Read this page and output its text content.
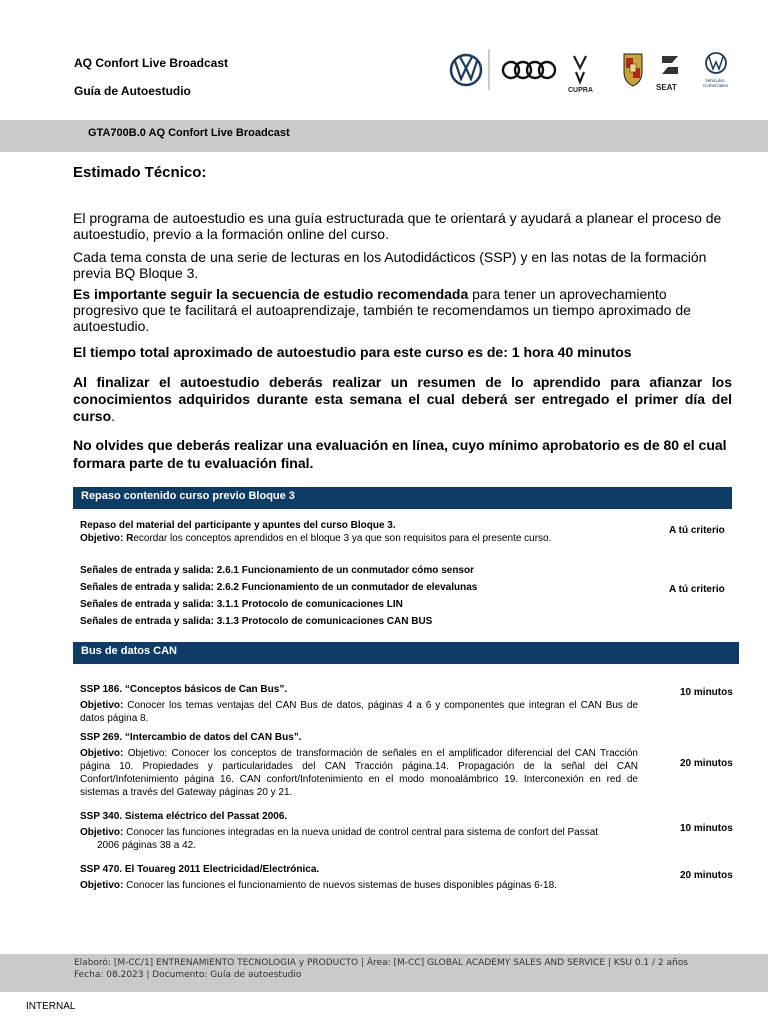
AQ Confort Live Broadcast
Guía de Autoestudio	CUPRA	SEAT
Vehículos
Comerciales
GTA700B.0 AQ Confort Live Broadcast
Estimado Técnico:
El programa de autoestudio es una guía estructurada que te orientará y ayudará a planear el proceso de autoestudio, previo a la formación online del curso.
Cada tema consta de una serie de lecturas en los Autodidácticos (SSP) y en las notas de la formación previa BQ Bloque 3.
Es importante seguir la secuencia de estudio recomendada para tener un aprovechamiento progresivo que te facilitará el autoaprendizaje, también te recomendamos un tiempo aproximado de autoestudio.
El tiempo total aproximado de autoestudio para este curso es de: 1 hora 40 minutos
Al finalizar el autoestudio deberás realizar un resumen de lo aprendido para afianzar los conocimientos adquiridos durante esta semana el cual deberá ser entregado el primer día del curso.
No olvides que deberás realizar una evaluación en línea, cuyo mínimo aprobatorio es de 80 el cual formara parte de tu evaluación final.
Repaso contenido curso previo Bloque 3
Repaso del material del participante y apuntes del curso Bloque 3.
Objetivo: Recordar los conceptos aprendidos en el bloque 3 ya que son requisitos para el presente curso.
A tú criterio
Señales de entrada y salida: 2.6.1 Funcionamiento de un conmutador cómo sensor
Señales de entrada y salida: 2.6.2 Funcionamiento de un conmutador de elevalunas
Señales de entrada y salida: 3.1.1 Protocolo de comunicaciones LIN
Señales de entrada y salida: 3.1.3 Protocolo de comunicaciones CAN BUS
A tú criterio
Bus de datos CAN
SSP 186. “Conceptos básicos de Can Bus”.
Objetivo: Conocer los temas ventajas del CAN Bus de datos, páginas 4 a 6 y componentes que integran el CAN Bus de datos página 8.
10 minutos
SSP 269. “Intercambio de datos del CAN Bus”.
Objetivo: Objetivo: Conocer los conceptos de transformación de señales en el amplificador diferencial del CAN Tracción página 10. Propiedades y particularidades del CAN Tracción página.14. Propagación de la señal del CAN Confort/Infotenimiento página 16. CAN confort/Infotenimiento en el modo monoalámbrico 19. Interconexión en red de sistemas a través del Gateway páginas 20 y 21.
20 minutos
SSP 340. Sistema eléctrico del Passat 2006.
Objetivo: Conocer las funciones integradas en la nueva unidad de control central para sistema de confort del Passat
2006 páginas 38 a 42.
10 minutos
SSP 470. El Touareg 2011 Electricidad/Electrónica.
Objetivo: Conocer las funciones el funcionamiento de nuevos sistemas de buses disponibles páginas 6-18.
20 minutos
Elaboró: [M-CC/1] ENTRENAMIENTO TECNOLOGIA y PRODUCTO | Área: [M-CC] GLOBAL ACADEMY SALES AND SERVICE | KSU 0.1 / 2 años
Fecha: 08.2023 | Documento: Guía de autoestudio
INTERNAL
